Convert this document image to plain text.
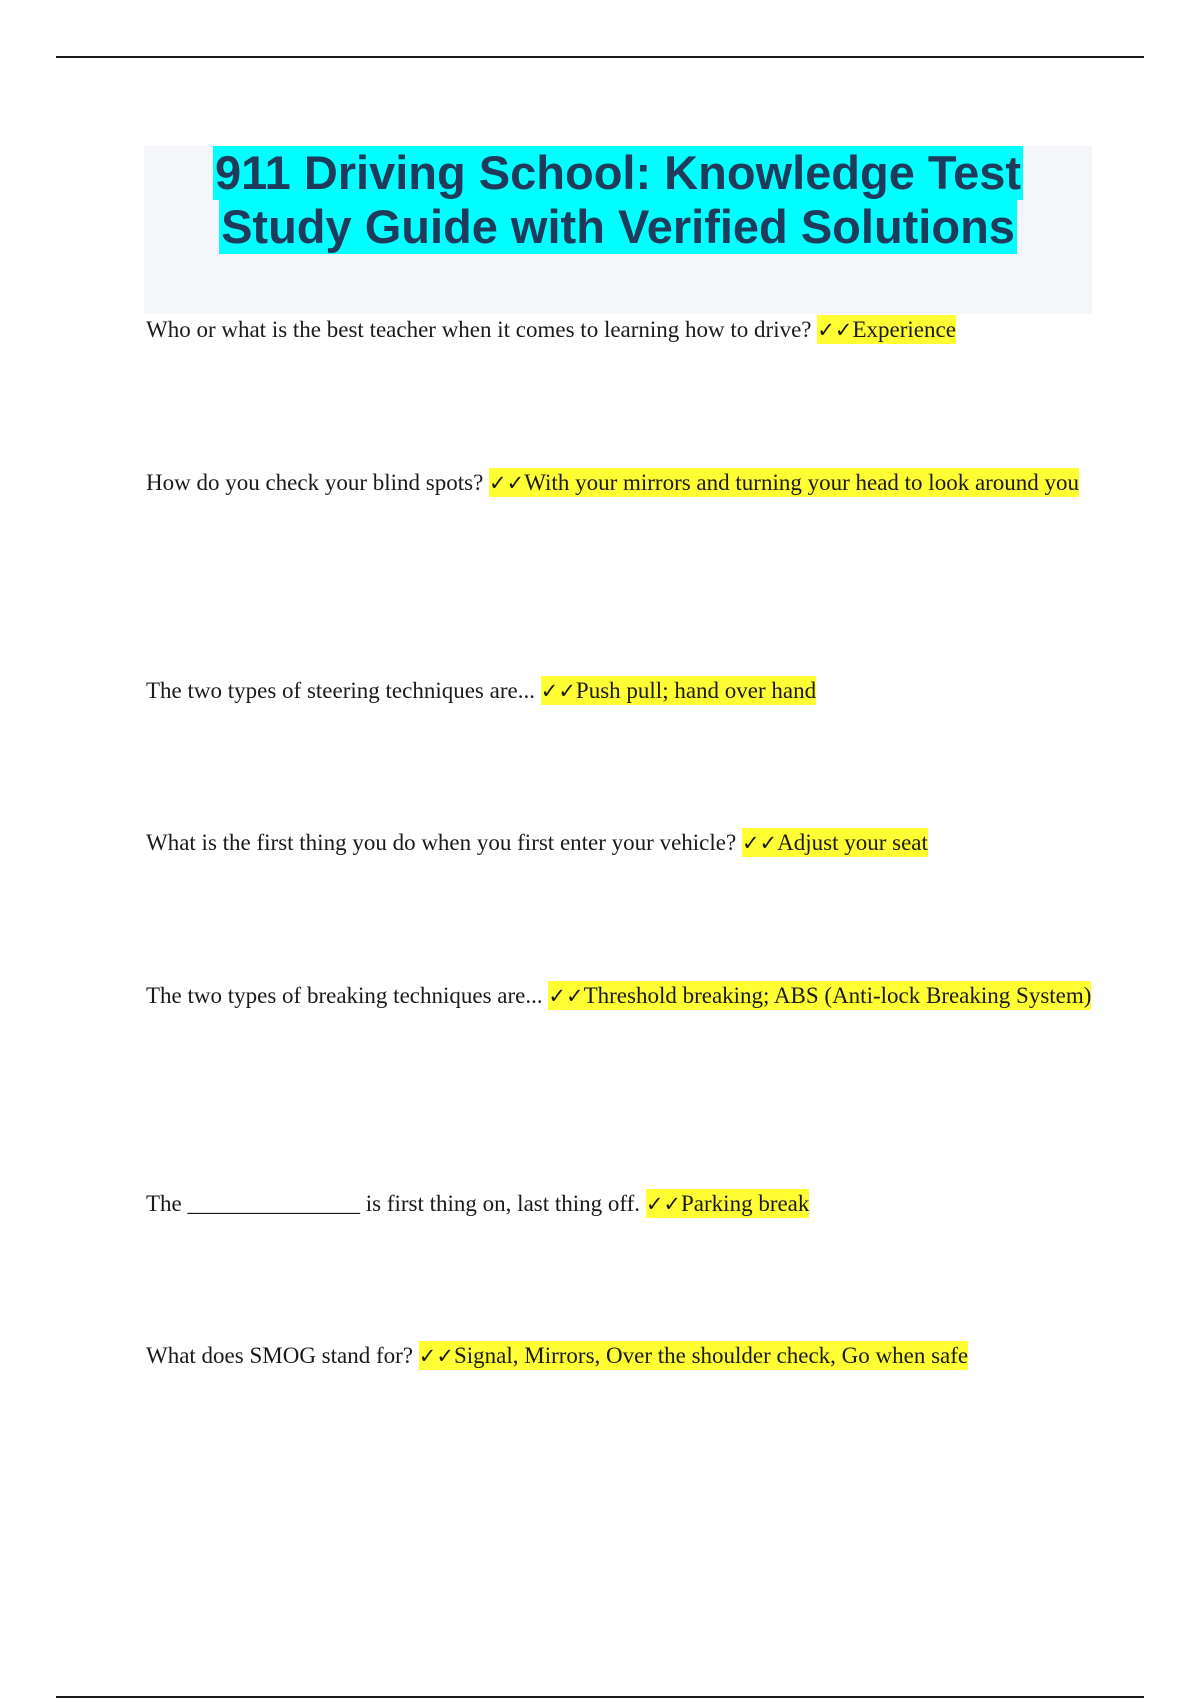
911 Driving School: Knowledge Test
Study Guide with Verified Solutions
Who or what is the best teacher when it comes to learning how to drive? ✓✓Experience
How do you check your blind spots? ✓✓With your mirrors and turning your head to look around you
The two types of steering techniques are... ✓✓Push pull; hand over hand
What is the first thing you do when you first enter your vehicle? ✓✓Adjust your seat
The two types of breaking techniques are... ✓✓Threshold breaking; ABS (Anti-lock Breaking System)
The _______________ is first thing on, last thing off. ✓✓Parking break
What does SMOG stand for? ✓✓Signal, Mirrors, Over the shoulder check, Go when safe
